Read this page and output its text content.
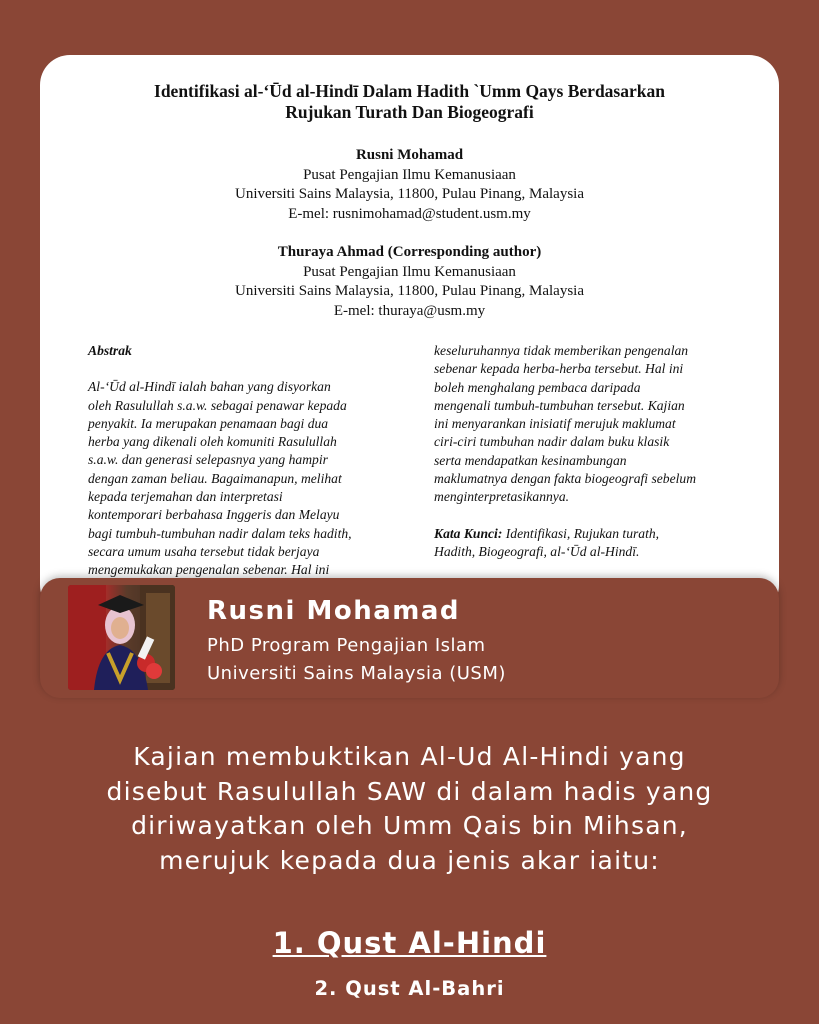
Identifikasi al-‘Ūd al-Hindī Dalam Hadith `Umm Qays Berdasarkan
Rujukan Turath Dan Biogeografi
Rusni Mohamad
Pusat Pengajian Ilmu Kemanusiaan
Universiti Sains Malaysia, 11800, Pulau Pinang, Malaysia
E-mel: rusnimohamad@student.usm.my
Thuraya Ahmad (Corresponding author)
Pusat Pengajian Ilmu Kemanusiaan
Universiti Sains Malaysia, 11800, Pulau Pinang, Malaysia
E-mel: thuraya@usm.my

Abstrak

Al-‘Ūd al-Hindī ialah bahan yang disyorkan

oleh Rasulullah s.a.w. sebagai penawar kepada

penyakit. Ia merupakan penamaan bagi dua

herba yang dikenali oleh komuniti Rasulullah

s.a.w. dan generasi selepasnya yang hampir

dengan zaman beliau. Bagaimanapun, melihat

kepada terjemahan dan interpretasi

kontemporari berbahasa Inggeris dan Melayu

bagi tumbuh-tumbuhan nadir dalam teks hadith,

secara umum usaha tersebut tidak berjaya

mengemukakan pengenalan sebenar. Hal ini

keseluruhannya tidak memberikan pengenalan

sebenar kepada herba-herba tersebut. Hal ini

boleh menghalang pembaca daripada

mengenali tumbuh-tumbuhan tersebut. Kajian

ini menyarankan inisiatif merujuk maklumat

ciri-ciri tumbuhan nadir dalam buku klasik

serta mendapatkan kesinambungan

maklumatnya dengan fakta biogeografi sebelum

menginterpretasikannya.

Kata Kunci: Identifikasi, Rujukan turath,

Hadith, Biogeografi, al-‘Ūd al-Hindī.

Rusni Mohamad
PhD Program Pengajian Islam
Universiti Sains Malaysia (USM)
Kajian membuktikan Al-Ud Al-Hindi yang
disebut Rasulullah SAW di dalam hadis yang
diriwayatkan oleh Umm Qais bin Mihsan,
merujuk kepada dua jenis akar iaitu:
1. Qust Al-Hindi
2. Qust Al-Bahri
